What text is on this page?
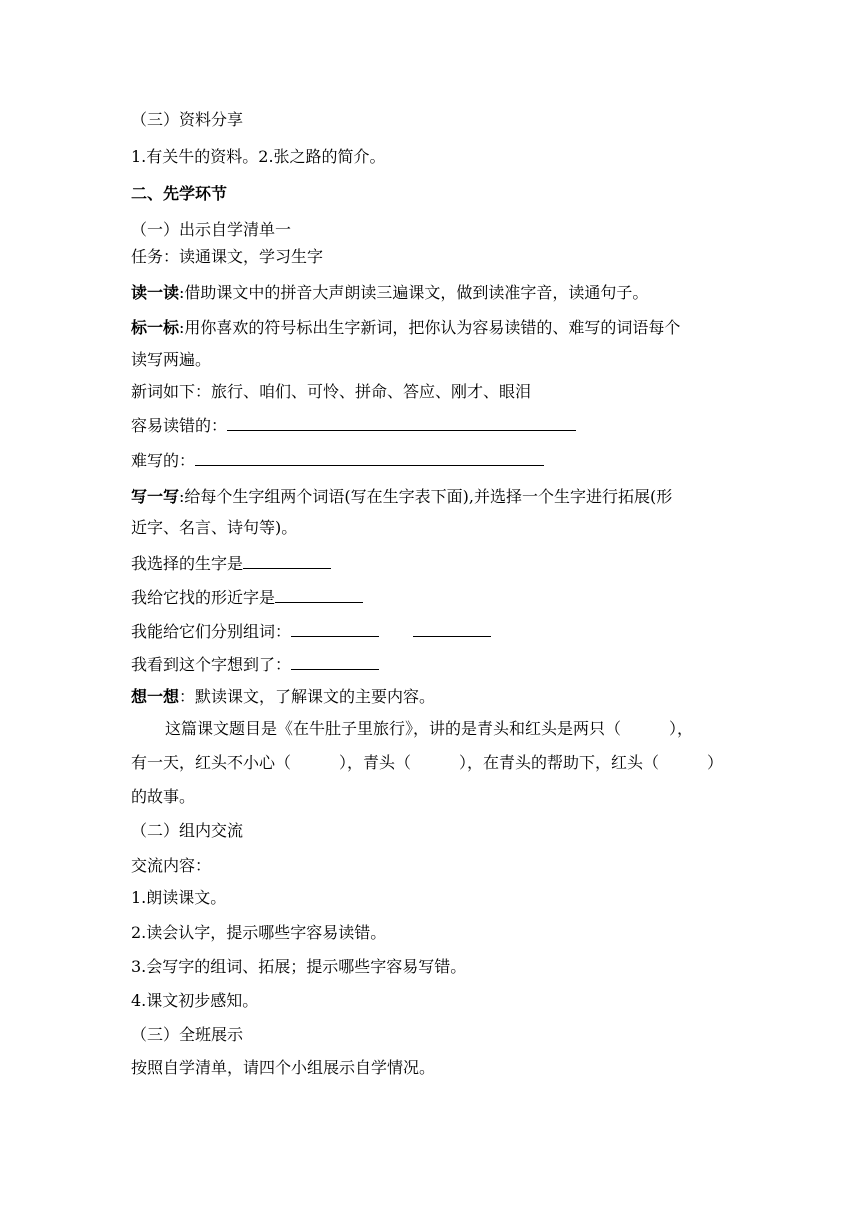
（三）资料分享
1.有关牛的资料。2.张之路的简介。
二、先学环节
（一）出示自学清单一
任务：读通课文，学习生字
读一读:借助课文中的拼音大声朗读三遍课文，做到读准字音，读通句子。
标一标:用你喜欢的符号标出生字新词，把你认为容易读错的、难写的词语每个
读写两遍。
新词如下：旅行、咱们、可怜、拼命、答应、刚才、眼泪
容易读错的：
难写的：
写一写:给每个生字组两个词语(写在生字表下面),并选择一个生字进行拓展(形
近字、名言、诗句等)。
我选择的生字是
我给它找的形近字是
我能给它们分别组词：
我看到这个字想到了：
想一想：默读课文，了解课文的主要内容。
这篇课文题目是《在牛肚子里旅行》，讲的是青头和红头是两只（　　　），
有一天，红头不小心（　　　），青头（　　　），在青头的帮助下，红头（　　　）
的故事。
（二）组内交流
交流内容：
1.朗读课文。
2.读会认字，提示哪些字容易读错。
3.会写字的组词、拓展；提示哪些字容易写错。
4.课文初步感知。
（三）全班展示
按照自学清单，请四个小组展示自学情况。
